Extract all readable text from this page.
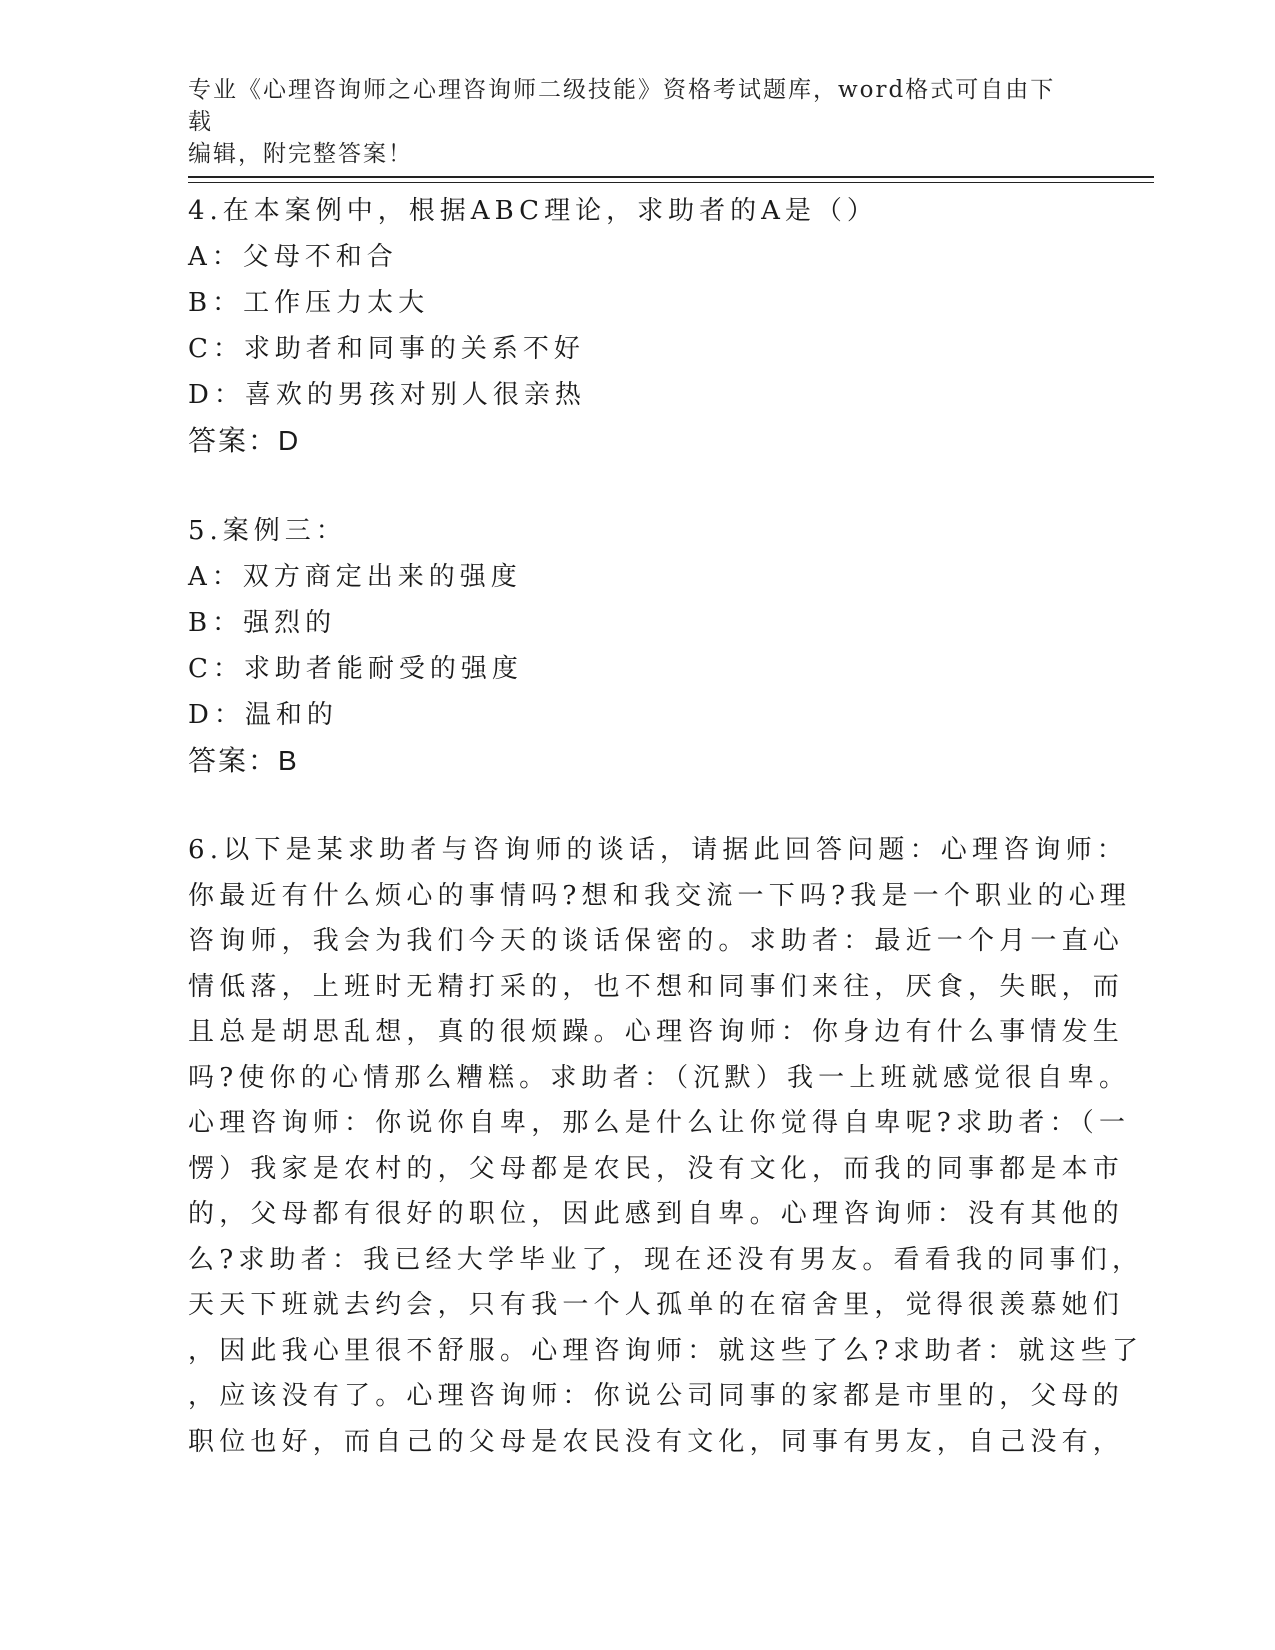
专业《心理咨询师之心理咨询师二级技能》资格考试题库，word格式可自由下载
编辑，附完整答案！
4.在本案例中，根据ABC理论，求助者的A是（）
A：父母不和合
B：工作压力太大
C：求助者和同事的关系不好
D：喜欢的男孩对别人很亲热
答案：D
5.案例三：
A：双方商定出来的强度
B：强烈的
C：求助者能耐受的强度
D：温和的
答案：B
6.以下是某求助者与咨询师的谈话，请据此回答问题：心理咨询师：
你最近有什么烦心的事情吗?想和我交流一下吗?我是一个职业的心理
咨询师，我会为我们今天的谈话保密的。求助者：最近一个月一直心
情低落，上班时无精打采的，也不想和同事们来往，厌食，失眠，而
且总是胡思乱想，真的很烦躁。心理咨询师：你身边有什么事情发生
吗?使你的心情那么糟糕。求助者：（沉默）我一上班就感觉很自卑。
心理咨询师：你说你自卑，那么是什么让你觉得自卑呢?求助者：（一
愣）我家是农村的，父母都是农民，没有文化，而我的同事都是本市
的，父母都有很好的职位，因此感到自卑。心理咨询师：没有其他的
么?求助者：我已经大学毕业了，现在还没有男友。看看我的同事们，
天天下班就去约会，只有我一个人孤单的在宿舍里，觉得很羡慕她们
，因此我心里很不舒服。心理咨询师：就这些了么?求助者：就这些了
，应该没有了。心理咨询师：你说公司同事的家都是市里的，父母的
职位也好，而自己的父母是农民没有文化，同事有男友，自己没有，
